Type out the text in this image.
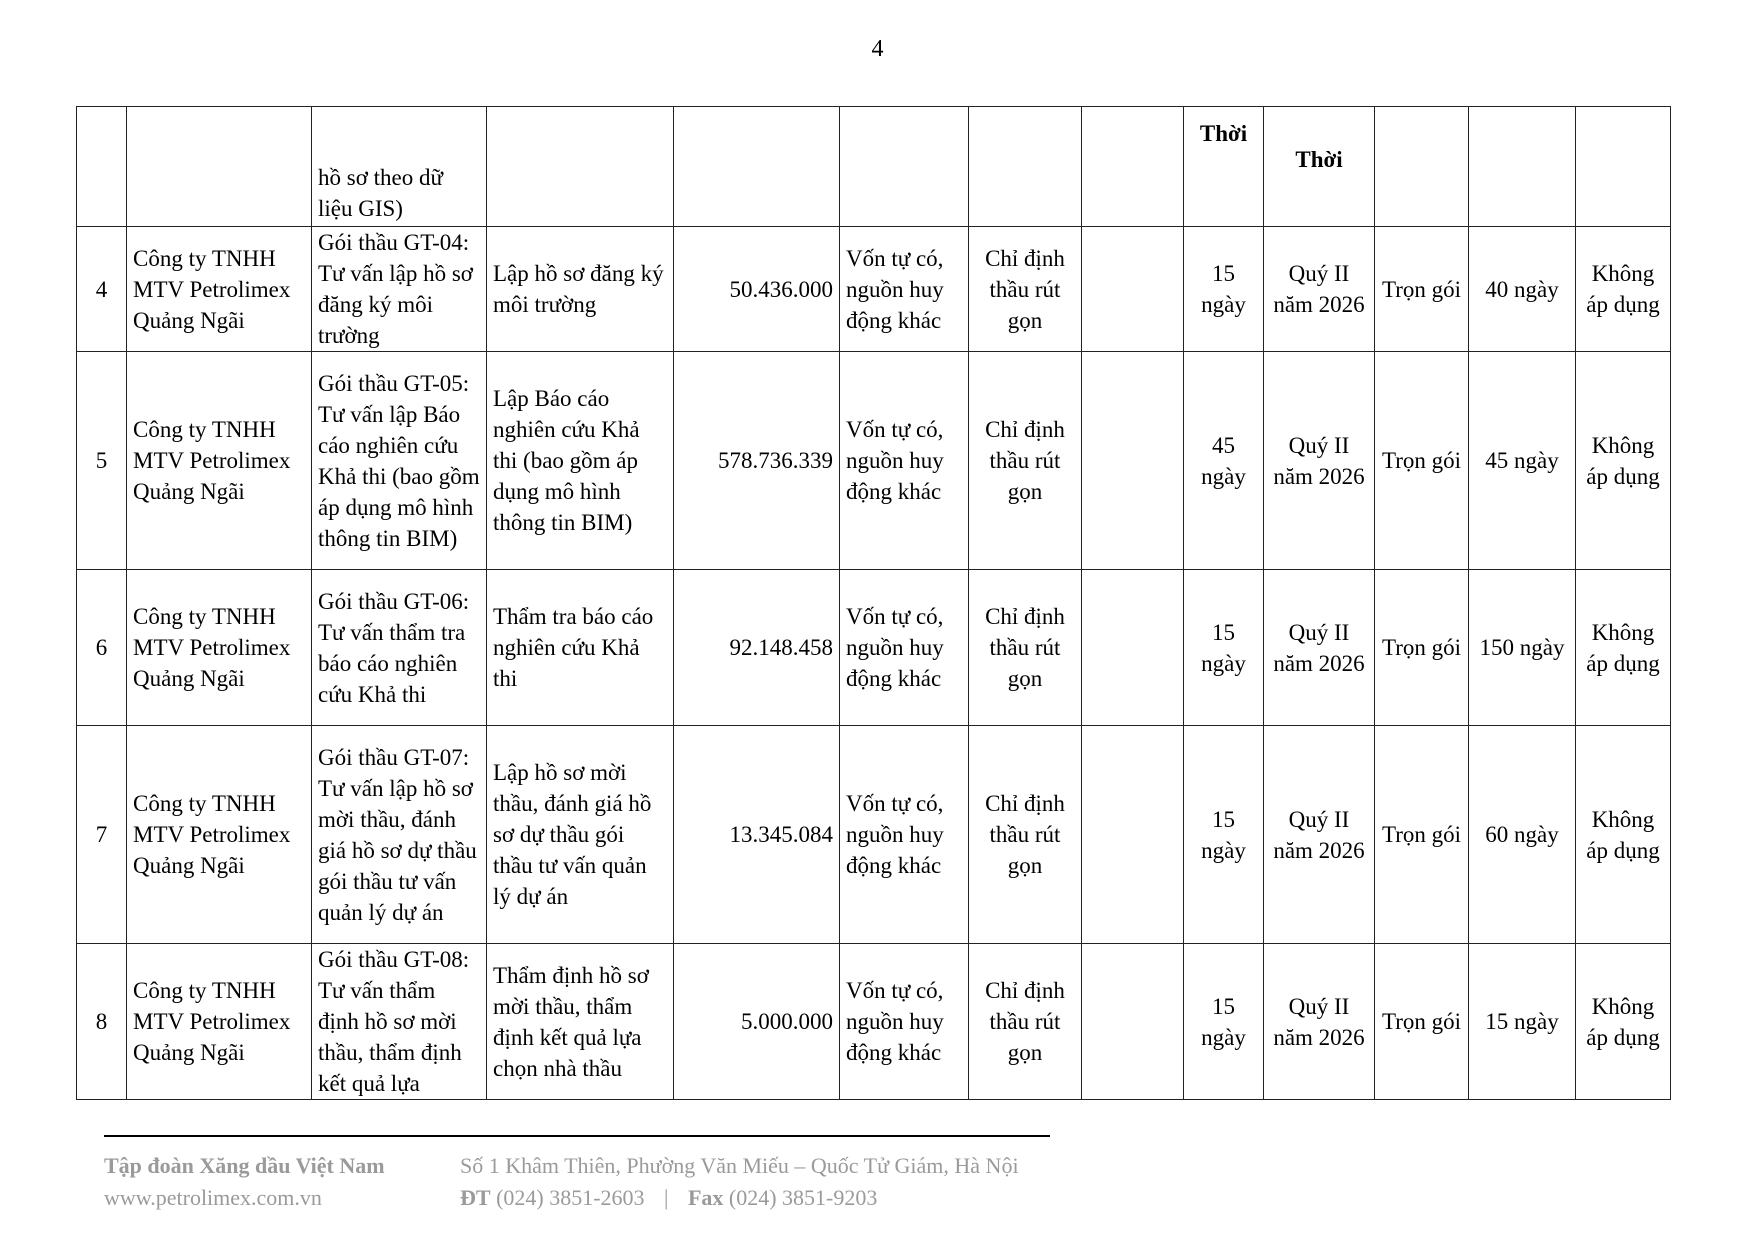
4

		hồ sơ theo dữ liệu GIS)						Thời	Thời			

4	Công ty TNHH MTV Petrolimex Quảng Ngãi	Gói thầu GT-04: Tư vấn lập hồ sơ đăng ký môi trường	Lập hồ sơ đăng ký môi trường	50.436.000	Vốn tự có, nguồn huy động khác	Chỉ định thầu rút gọn		15 ngày	Quý II năm 2026	Trọn gói	40 ngày	Không áp dụng
5	Công ty TNHH MTV Petrolimex Quảng Ngãi	Gói thầu GT-05: Tư vấn lập Báo cáo nghiên cứu Khả thi (bao gồm áp dụng mô hình thông tin BIM)	Lập Báo cáo nghiên cứu Khả thi (bao gồm áp dụng mô hình thông tin BIM)	578.736.339	Vốn tự có, nguồn huy động khác	Chỉ định thầu rút gọn		45 ngày	Quý II năm 2026	Trọn gói	45 ngày	Không áp dụng
6	Công ty TNHH MTV Petrolimex Quảng Ngãi	Gói thầu GT-06: Tư vấn thẩm tra báo cáo nghiên cứu Khả thi	Thẩm tra báo cáo nghiên cứu Khả thi	92.148.458	Vốn tự có, nguồn huy động khác	Chỉ định thầu rút gọn		15 ngày	Quý II năm 2026	Trọn gói	150 ngày	Không áp dụng
7	Công ty TNHH MTV Petrolimex Quảng Ngãi	Gói thầu GT-07: Tư vấn lập hồ sơ mời thầu, đánh giá hồ sơ dự thầu gói thầu tư vấn quản lý dự án	Lập hồ sơ mời thầu, đánh giá hồ sơ dự thầu gói thầu tư vấn quản lý dự án	13.345.084	Vốn tự có, nguồn huy động khác	Chỉ định thầu rút gọn		15 ngày	Quý II năm 2026	Trọn gói	60 ngày	Không áp dụng
8	Công ty TNHH MTV Petrolimex Quảng Ngãi	Gói thầu GT-08: Tư vấn thẩm định hồ sơ mời thầu, thẩm định kết quả lựa	Thẩm định hồ sơ mời thầu, thẩm định kết quả lựa chọn nhà thầu	5.000.000	Vốn tự có, nguồn huy động khác	Chỉ định thầu rút gọn		15 ngày	Quý II năm 2026	Trọn gói	15 ngày	Không áp dụng
Tập đoàn Xăng dầu Việt Nam
www.petrolimex.com.vn
Số 1 Khâm Thiên, Phường Văn Miếu – Quốc Tử Giám, Hà Nội
ĐT (024) 3851-2603 | Fax (024) 3851-9203
